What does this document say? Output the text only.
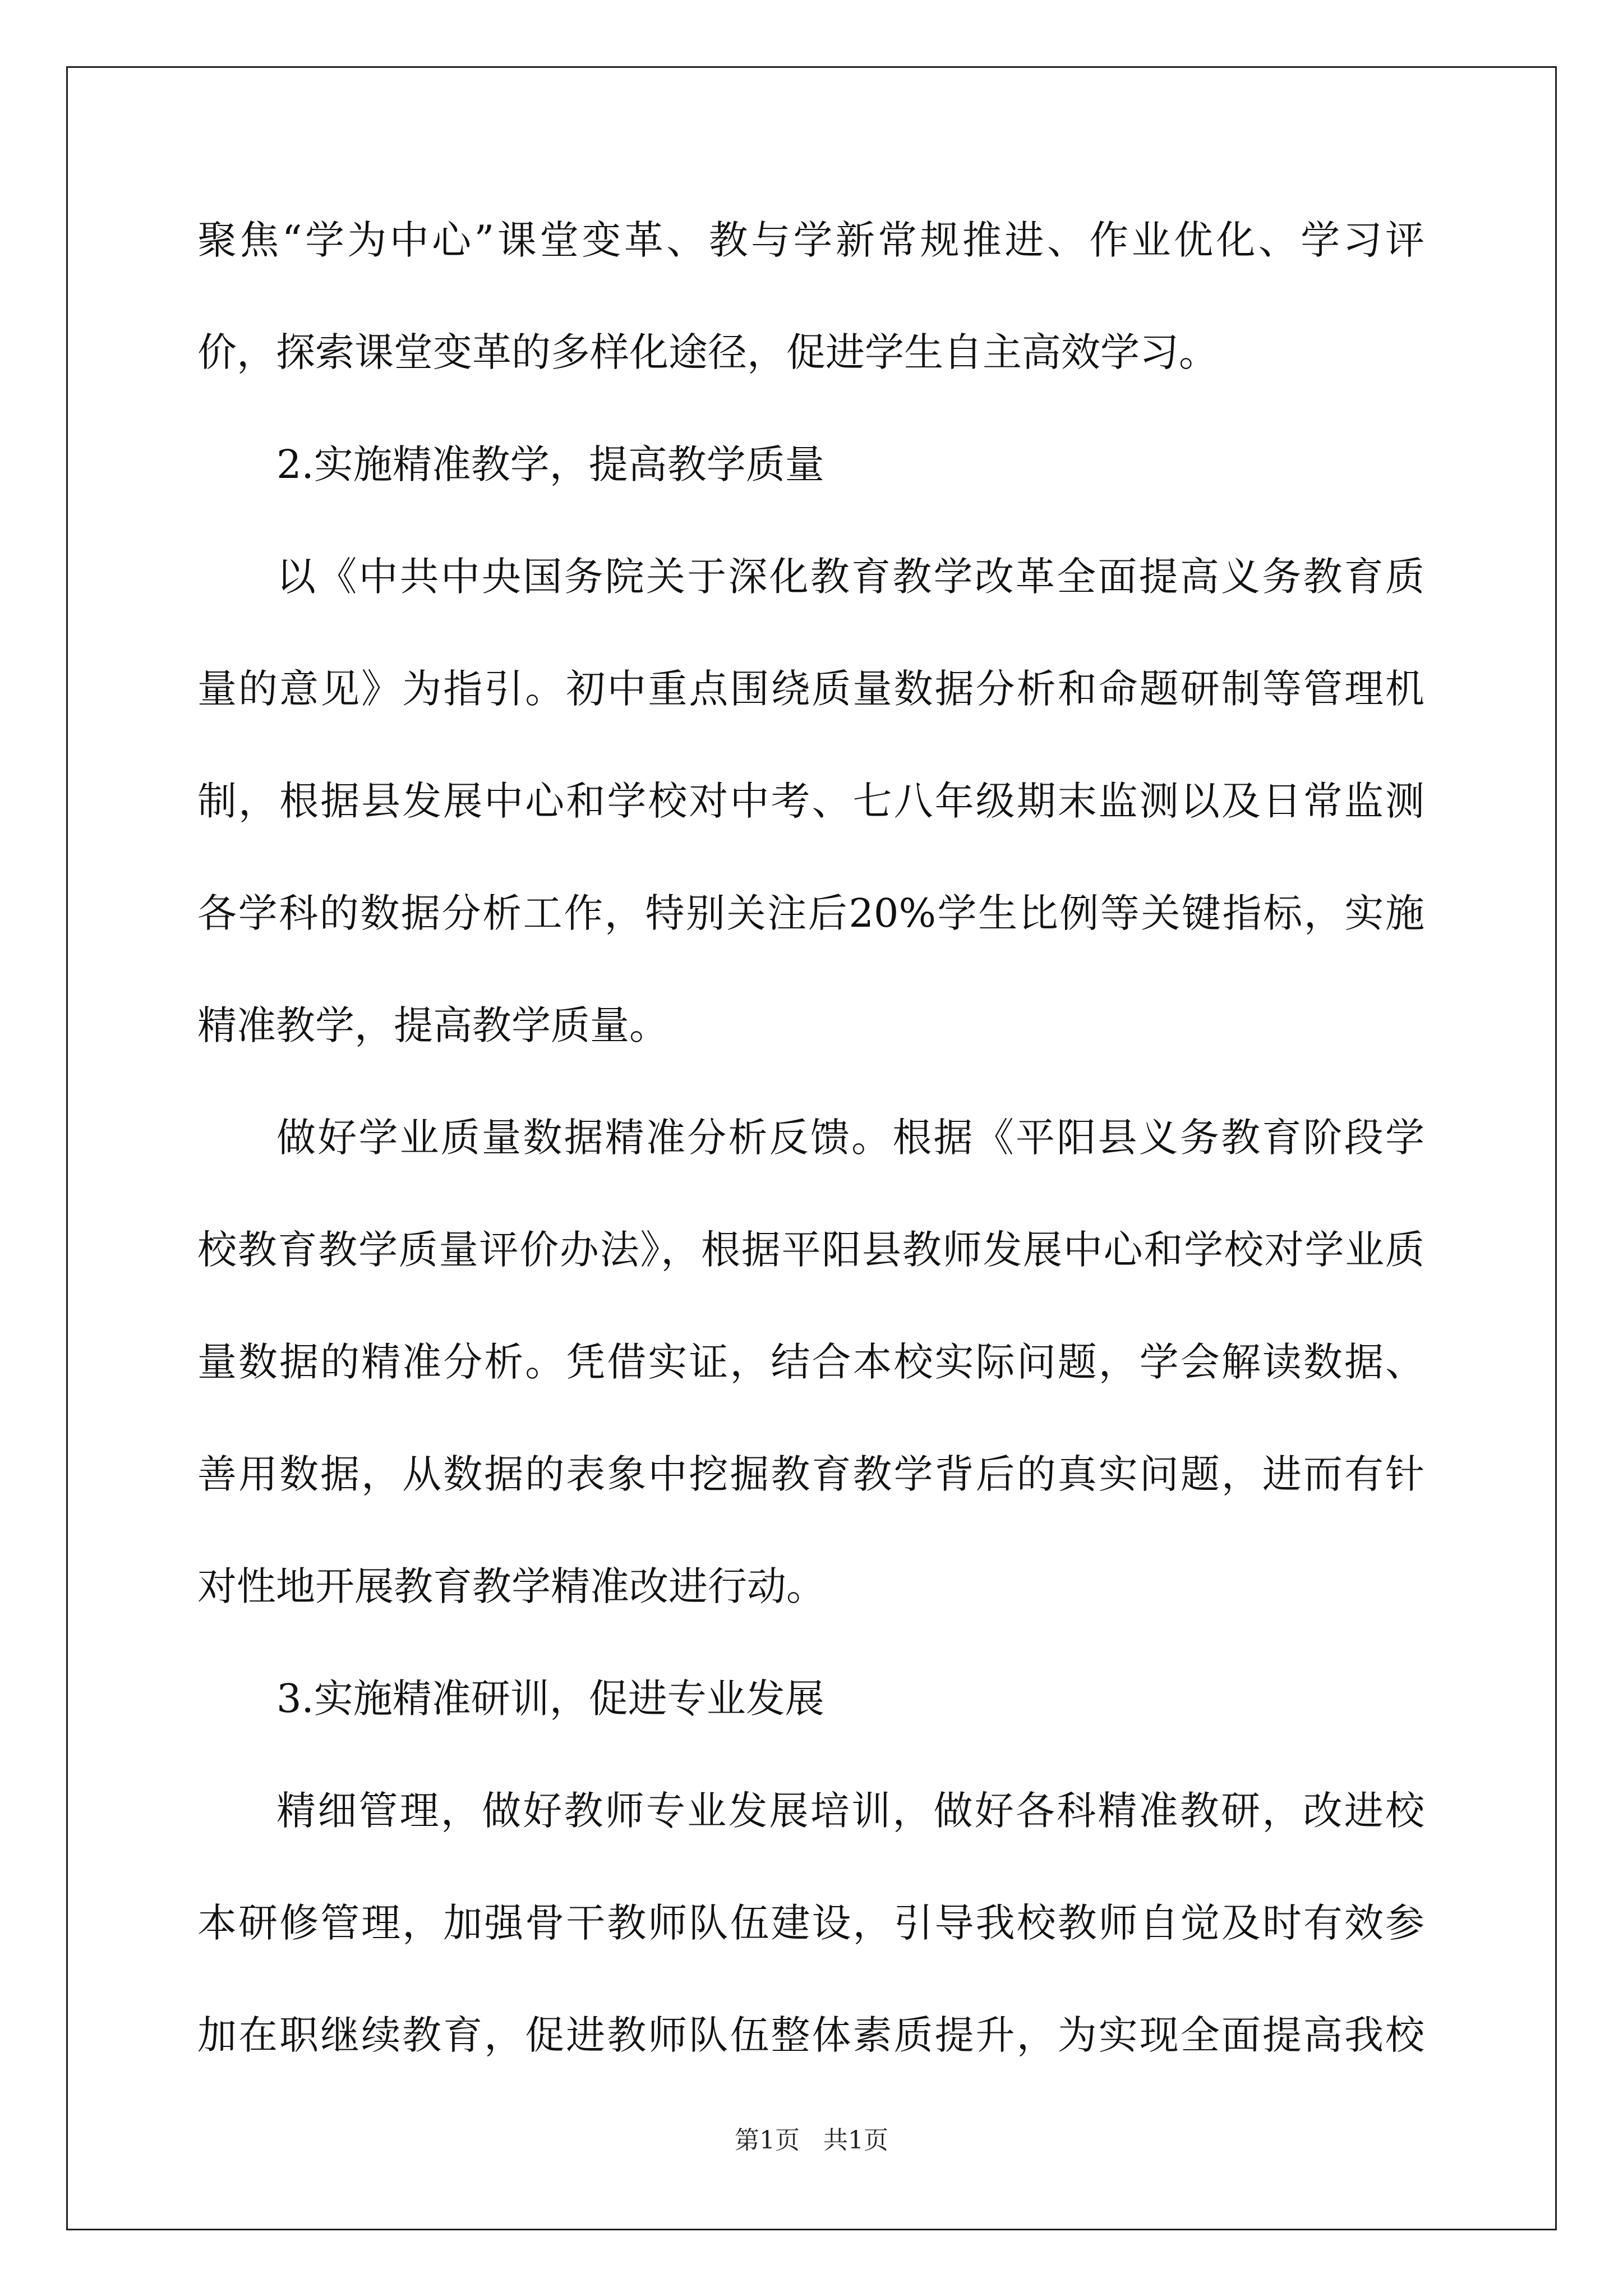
聚焦“学为中心”课堂变革、教与学新常规推进、作业优化、学习评

价，探索课堂变革的多样化途径，促进学生自主高效学习。

2.实施精准教学，提高教学质量

以《中共中央国务院关于深化教育教学改革全面提高义务教育质

量的意见》为指引。初中重点围绕质量数据分析和命题研制等管理机

制，根据县发展中心和学校对中考、七八年级期末监测以及日常监测

各学科的数据分析工作，特别关注后20%学生比例等关键指标，实施

精准教学，提高教学质量。

做好学业质量数据精准分析反馈。根据《平阳县义务教育阶段学

校教育教学质量评价办法》，根据平阳县教师发展中心和学校对学业质

量数据的精准分析。凭借实证，结合本校实际问题，学会解读数据、

善用数据，从数据的表象中挖掘教育教学背后的真实问题，进而有针

对性地开展教育教学精准改进行动。

3.实施精准研训，促进专业发展

精细管理，做好教师专业发展培训，做好各科精准教研，改进校

本研修管理，加强骨干教师队伍建设，引导我校教师自觉及时有效参

加在职继续教育，促进教师队伍整体素质提升，为实现全面提高我校

第1页   共1页
